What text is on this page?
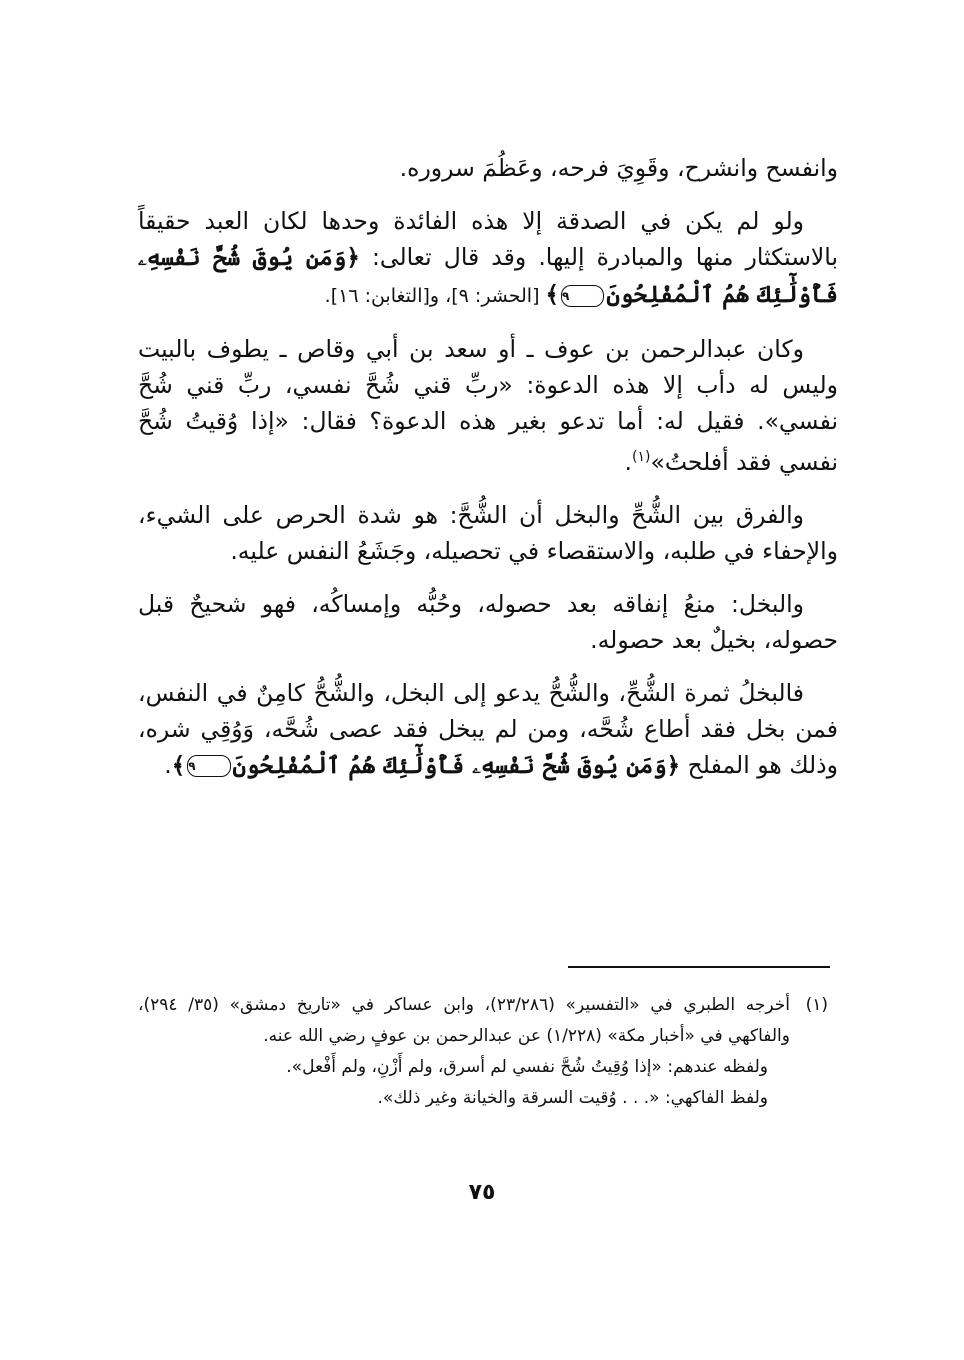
وانفسح وانشرح، وقَوِيَ فرحه، وعَظُمَ سروره.

ولو لم يكن في الصدقة إلا هذه الفائدة وحدها لكان العبد حقيقاً بالاستكثار منها والمبادرة إليها. وقد قال تعالى: ﴿وَمَن يُوقَ شُحَّ نَفْسِهِۦ فَأُوْلَٰٓئِكَ هُمُ ٱلْمُفْلِحُونَ٩﴾ [الحشر: ٩]، و[التغابن: ١٦].

وكان عبدالرحمن بن عوف ـ أو سعد بن أبي وقاص ـ يطوف بالبيت وليس له دأب إلا هذه الدعوة: «ربِّ قني شُحَّ نفسي، ربِّ قني شُحَّ نفسي». فقيل له: أما تدعو بغير هذه الدعوة؟ فقال: «إذا وُقيتُ شُحَّ نفسي فقد أفلحتُ»$^{(١)}$.

والفرق بين الشُّحِّ والبخل أن الشُّحَّ: هو شدة الحرص على الشيء، والإحفاء في طلبه، والاستقصاء في تحصيله، وجَشَعُ النفس عليه.

والبخل: منعُ إنفاقه بعد حصوله، وحُبُّه وإمساكُه، فهو شحيحٌ قبل حصوله، بخيلٌ بعد حصوله.

فالبخلُ ثمرة الشُّحِّ، والشُّحُّ يدعو إلى البخل، والشُّحُّ كامِنٌ في النفس، فمن بخل فقد أطاع شُحَّه، ومن لم يبخل فقد عصى شُحَّه، وَوُقِي شره، وذلك هو المفلح ﴿وَمَن يُوقَ شُحَّ نَفْسِهِۦ فَأُوْلَٰٓئِكَ هُمُ ٱلْمُفْلِحُونَ٩﴾.

(١)
أخرجه الطبري في «التفسير» (٢٣/٢٨٦)، وابن عساكر في «تاريخ دمشق» (٣٥/ ٢٩٤)، والفاكهي في «أخبار مكة» (١/٢٢٨) عن عبدالرحمن بن عوفٍ رضي الله عنه.

ولفظه عندهم: «إذا وُقِيتُ شُحَّ نفسي لم أسرق، ولم أَزْنِ، ولم أَفْعل».

ولفظ الفاكهي: «. . . وُقيت السرقة والخيانة وغير ذلك».

٧٥
